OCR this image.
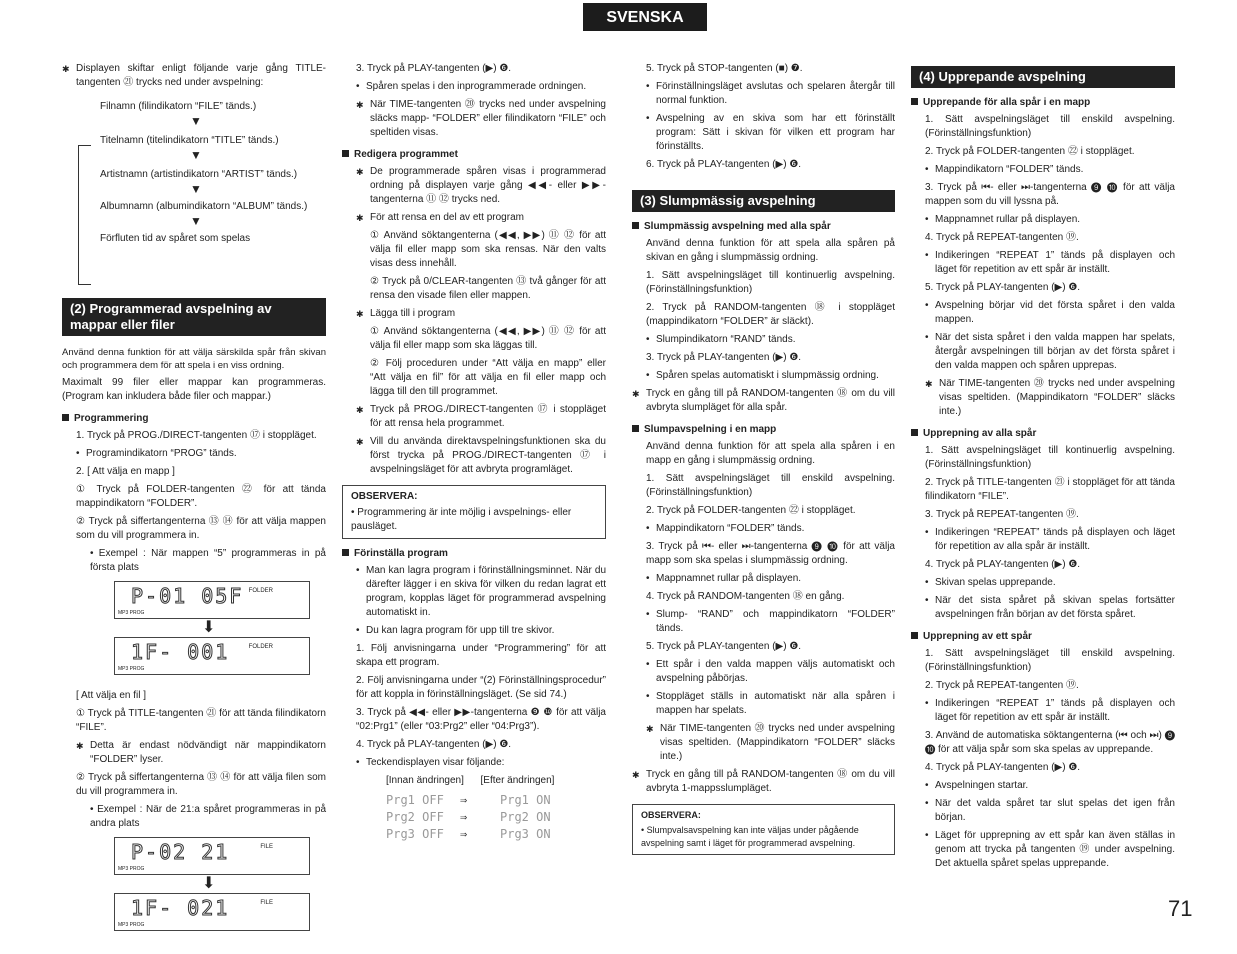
SVENSKA
✱ Displayen skiftar enligt följande varje gång TITLE-tangenten ㉑ trycks ned under avspelning:
Filnamn (filindikatorn “FILE” tänds.)
▼
Titelnamn (titelindikatorn “TITLE” tänds.)
▼
Artistnamn (artistindikatorn “ARTIST” tänds.)
▼
Albumnamn (albumindikatorn “ALBUM” tänds.)
▼
Förfluten tid av spåret som spelas
(2) Programmerad avspelning av mappar eller filer
Använd denna funktion för att välja särskilda spår från skivan och programmera dem för att spela i en viss ordning.
Maximalt 99 filer eller mappar kan programmeras. (Program kan inkludera både filer och mappar.)
Programmering
1. Tryck på PROG./DIRECT-tangenten ⑰ i stoppläget.
• Programindikatorn “PROG” tänds.
2. [ Att välja en mapp ]
① Tryck på FOLDER-tangenten ㉒ för att tända mappindikatorn “FOLDER”.
② Tryck på siffertangenterna ⑬ ⑭ för att välja mappen som du vill programmera in.
• Exempel : När mappen “5” programmeras in på första plats
P-01 05F FOLDER
MP3 PROG
⬇
1F- 001	FOLDER
MP3 PROG
[ Att välja en fil ]
① Tryck på TITLE-tangenten ㉑ för att tända filindikatorn “FILE”.
✱ Detta är endast nödvändigt när mappindikatorn “FOLDER” lyser.
② Tryck på siffertangenterna ⑬ ⑭ för att välja filen som du vill programmera in.
• Exempel : När de 21:a spåret programmeras in på andra plats
P-02 21	FILE
MP3 PROG
⬇
1F- 021	FILE
MP3 PROG
3. Tryck på PLAY-tangenten (▶) ❻.
• Spåren spelas i den inprogrammerade ordningen.
✱ När TIME-tangenten ⑳ trycks ned under avspelning släcks mapp- “FOLDER” eller filindikatorn “FILE” och speltiden visas.
Redigera programmet
✱ De programmerade spåren visas i programmerad ordning på displayen varje gång ◀◀- eller ▶▶-tangenterna ⑪ ⑫ trycks ned.
✱ För att rensa en del av ett program
① Använd söktangenterna (◀◀, ▶▶) ⑪ ⑫ för att välja fil eller mapp som ska rensas. När den valts visas dess innehåll.
② Tryck på 0/CLEAR-tangenten ⑬ två gånger för att rensa den visade filen eller mappen.
✱ Lägga till i program
① Använd söktangenterna (◀◀, ▶▶) ⑪ ⑫ för att välja fil eller mapp som ska läggas till.
② Följ proceduren under “Att välja en mapp” eller “Att välja en fil” för att välja en fil eller mapp och lägga till den till programmet.
✱ Tryck på PROG./DIRECT-tangenten ⑰ i stoppläget för att rensa hela programmet.
✱ Vill du använda direktavspelningsfunktionen ska du först trycka på PROG./DIRECT-tangenten ⑰ i avspelningsläget för att avbryta programläget.
OBSERVERA:
• Programmering är inte möjlig i avspelnings- eller pausläget.
Förinställa program
• Man kan lagra program i förinställningsminnet. När du därefter lägger i en skiva för vilken du redan lagrat ett program, kopplas läget för programmerad avspelning automatiskt in.
• Du kan lagra program för upp till tre skivor.
1. Följ anvisningarna under “Programmering” för att skapa ett program.
2. Följ anvisningarna under “(2) Förinställningsprocedur” för att koppla in förinställningsläget. (Se sid 74.)
3. Tryck på ◀◀- eller ▶▶-tangenterna ❾ ❿ för att välja “02:Prg1” (eller “03:Prg2” eller “04:Prg3”).
4. Tryck på PLAY-tangenten (▶) ❻.
• Teckendisplayen visar följande:
[Innan ändringen]      [Efter ändringen]
Prg1 OFF ⇒	Prg1 ON
Prg2 OFF ⇒	Prg2 ON
Prg3 OFF ⇒	Prg3 ON
5. Tryck på STOP-tangenten (■) ❼.
• Förinställningsläget avslutas och spelaren återgår till normal funktion.
• Avspelning av en skiva som har ett förinställt program: Sätt i skivan för vilken ett program har förinställts.
6. Tryck på PLAY-tangenten (▶) ❻.
(3) Slumpmässig avspelning
Slumpmässig avspelning med alla spår
Använd denna funktion för att spela alla spåren på skivan en gång i slumpmässig ordning.
1. Sätt avspelningsläget till kontinuerlig avspelning. (Förinställningsfunktion)
2. Tryck på RANDOM-tangenten ⑱ i stoppläget (mappindikatorn “FOLDER” är släckt).
• Slumpindikatorn “RAND” tänds.
3. Tryck på PLAY-tangenten (▶) ❻.
• Spåren spelas automatiskt i slumpmässig ordning.
✱ Tryck en gång till på RANDOM-tangenten ⑱ om du vill avbryta slumpläget för alla spår.
Slumpavspelning i en mapp
Använd denna funktion för att spela alla spåren i en mapp en gång i slumpmässig ordning.
1. Sätt avspelningsläget till enskild avspelning. (Förinställningsfunktion)
2. Tryck på FOLDER-tangenten ㉒ i stoppläget.
• Mappindikatorn “FOLDER” tänds.
3. Tryck på ⏮- eller ⏭-tangenterna ❾ ❿ för att välja mapp som ska spelas i slumpmässig ordning.
• Mappnamnet rullar på displayen.
4. Tryck på RANDOM-tangenten ⑱ en gång.
• Slump- “RAND” och mappindikatorn “FOLDER” tänds.
5. Tryck på PLAY-tangenten (▶) ❻.
• Ett spår i den valda mappen väljs automatiskt och avspelning påbörjas.
• Stoppläget ställs in automatiskt när alla spåren i mappen har spelats.
✱ När TIME-tangenten ⑳ trycks ned under avspelning visas speltiden. (Mappindikatorn “FOLDER” släcks inte.)
✱ Tryck en gång till på RANDOM-tangenten ⑱ om du vill avbryta 1-mappsslumpläget.
OBSERVERA:
• Slumpvalsavspelning kan inte väljas under pågående avspelning samt i läget för programmerad avspelning.
(4) Upprepande avspelning
Upprepande för alla spår i en mapp
1. Sätt avspelningsläget till enskild avspelning. (Förinställningsfunktion)
2. Tryck på FOLDER-tangenten ㉒ i stoppläget.
• Mappindikatorn “FOLDER” tänds.
3. Tryck på ⏮- eller ⏭-tangenterna ❾ ❿ för att välja mappen som du vill lyssna på.
• Mappnamnet rullar på displayen.
4. Tryck på REPEAT-tangenten ⑲.
• Indikeringen “REPEAT 1” tänds på displayen och läget för repetition av ett spår är inställt.
5. Tryck på PLAY-tangenten (▶) ❻.
• Avspelning börjar vid det första spåret i den valda mappen.
• När det sista spåret i den valda mappen har spelats, återgår avspelningen till början av det första spåret i den valda mappen och spåren upprepas.
✱ När TIME-tangenten ⑳ trycks ned under avspelning visas speltiden. (Mappindikatorn “FOLDER” släcks inte.)
Upprepning av alla spår
1. Sätt avspelningsläget till kontinuerlig avspelning. (Förinställningsfunktion)
2. Tryck på TITLE-tangenten ㉑ i stoppläget för att tända filindikatorn “FILE”.
3. Tryck på REPEAT-tangenten ⑲.
• Indikeringen “REPEAT” tänds på displayen och läget för repetition av alla spår är inställt.
4. Tryck på PLAY-tangenten (▶) ❻.
• Skivan spelas upprepande.
• När det sista spåret på skivan spelas fortsätter avspelningen från början av det första spåret.
Upprepning av ett spår
1. Sätt avspelningsläget till enskild avspelning. (Förinställningsfunktion)
2. Tryck på REPEAT-tangenten ⑲.
• Indikeringen “REPEAT 1” tänds på displayen och läget för repetition av ett spår är inställt.
3. Använd de automatiska söktangenterna (⏮ och ⏭) ❾ ❿ för att välja spår som ska spelas av upprepande.
4. Tryck på PLAY-tangenten (▶) ❻.
• Avspelningen startar.
• När det valda spåret tar slut spelas det igen från början.
• Läget för upprepning av ett spår kan även ställas in genom att trycka på tangenten ⑲ under avspelning. Det aktuella spåret spelas upprepande.
71
